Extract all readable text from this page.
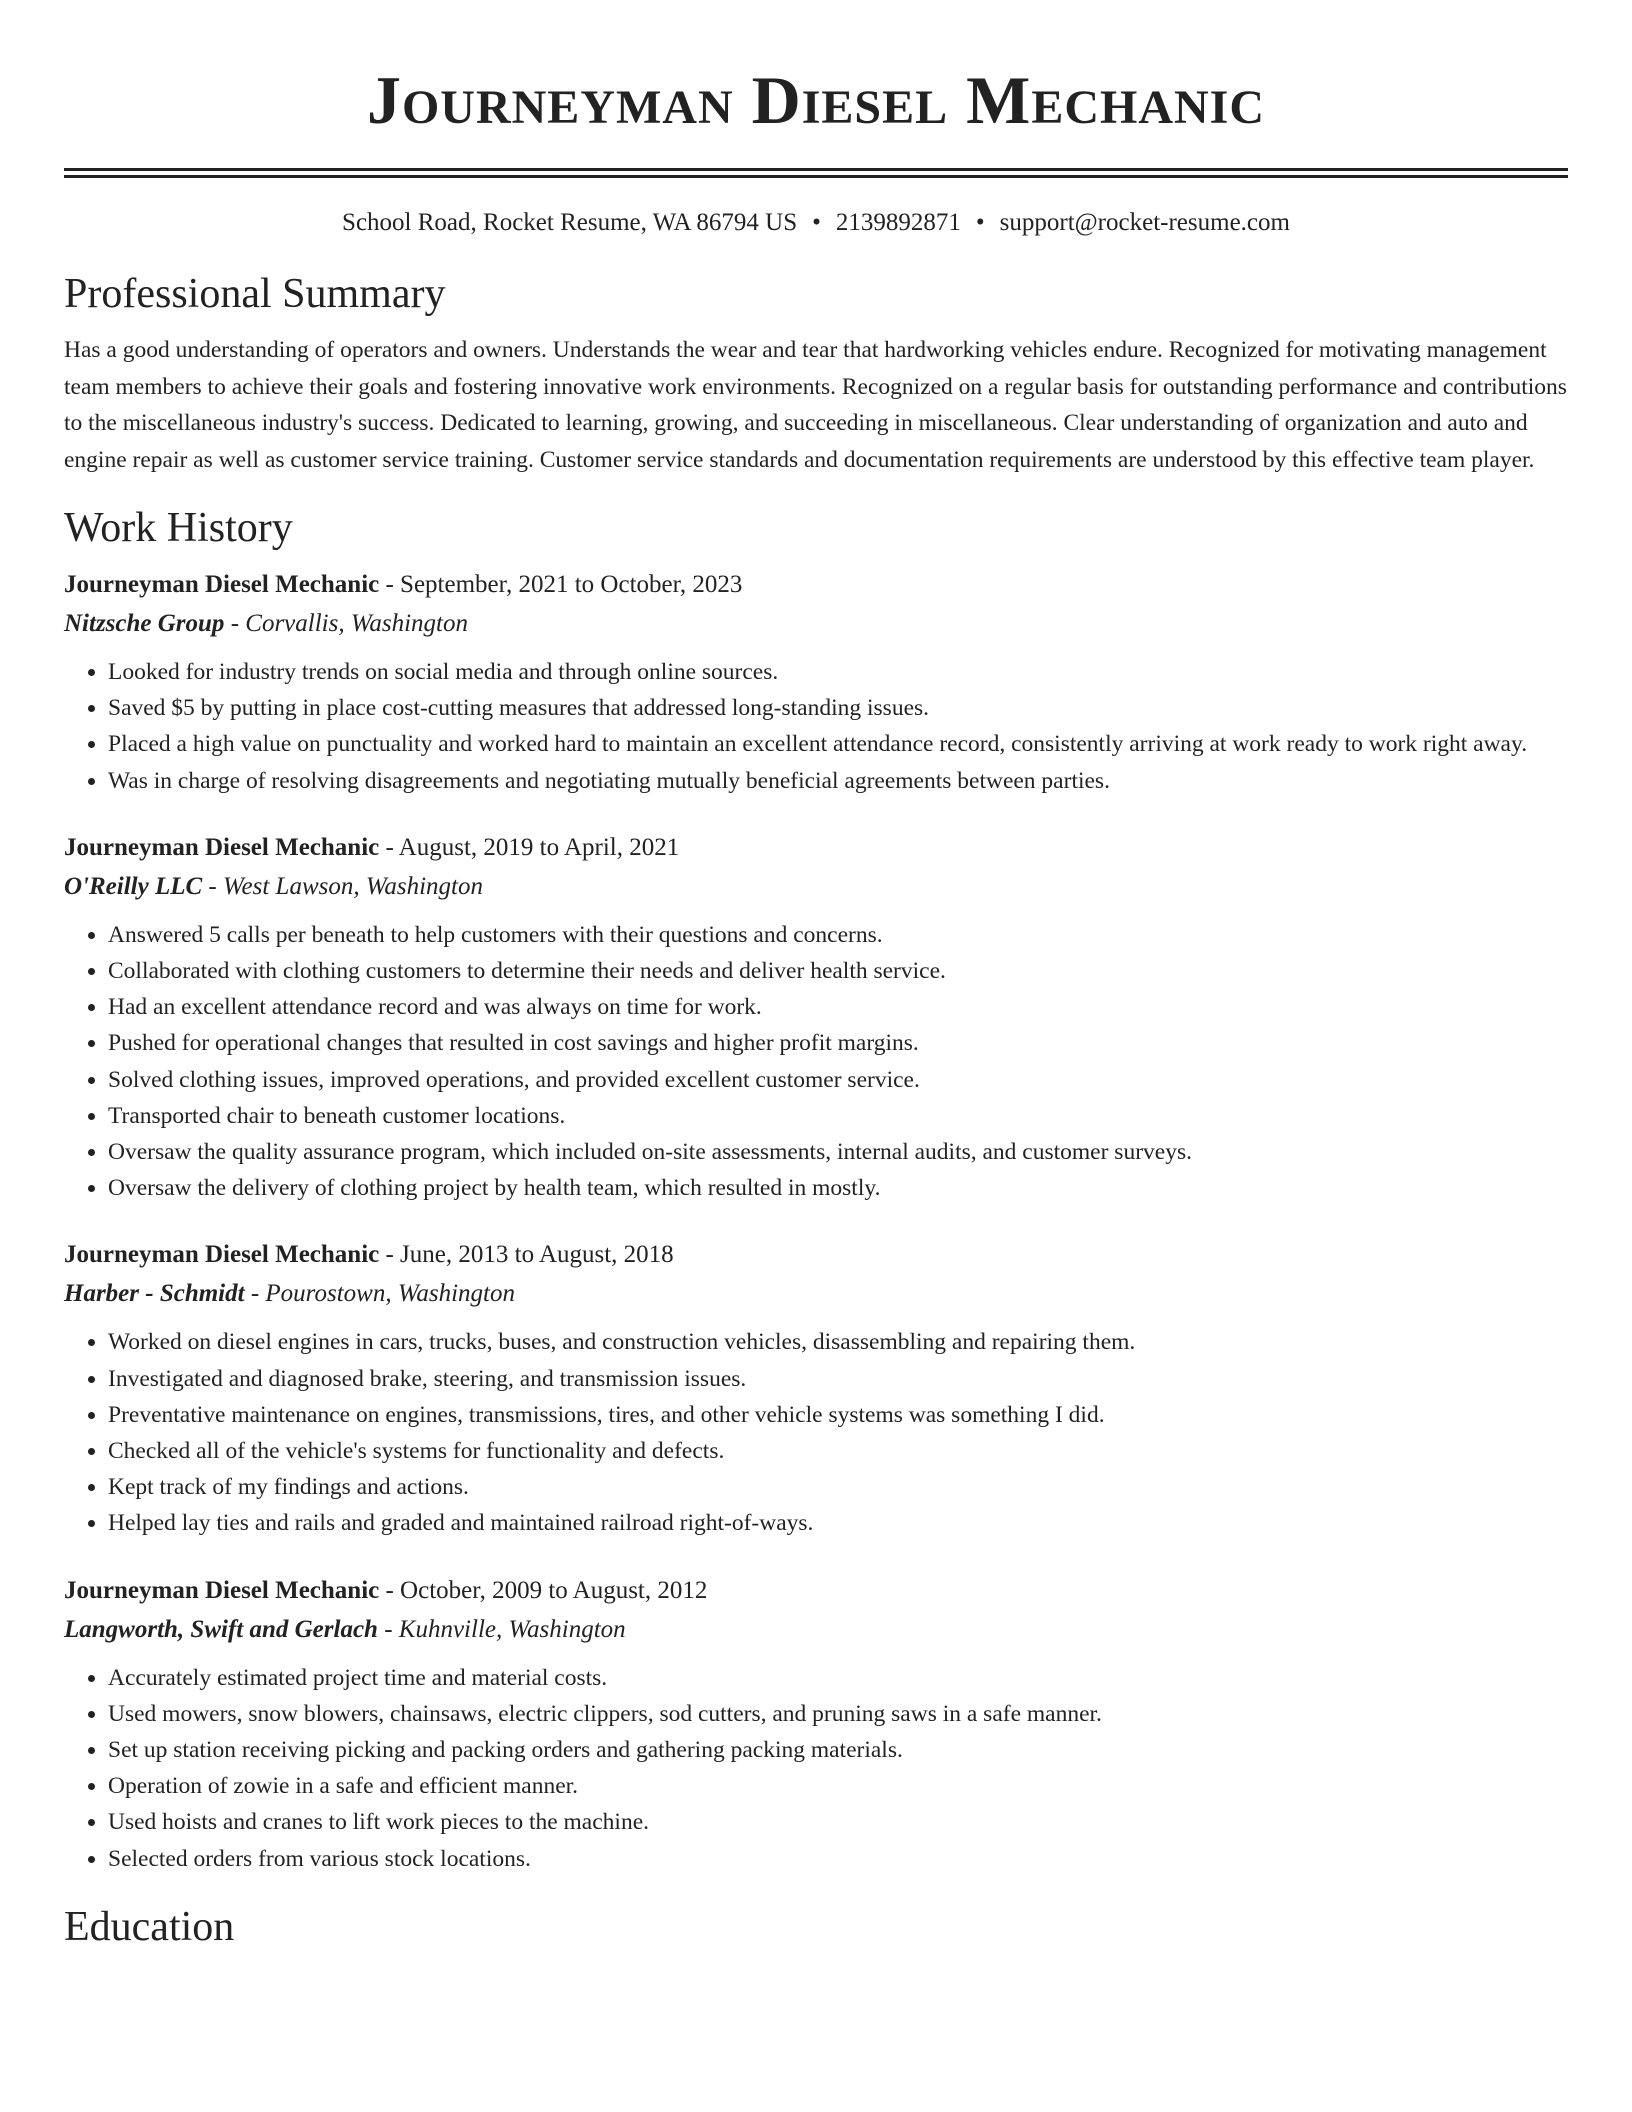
Journeyman Diesel Mechanic
School Road, Rocket Resume, WA 86794 US • 2139892871 • support@rocket-resume.com
Professional Summary

Has a good understanding of operators and owners. Understands the wear and tear that hardworking vehicles endure. Recognized for motivating management team members to achieve their goals and fostering innovative work environments. Recognized on a regular basis for outstanding performance and contributions to the miscellaneous industry's success. Dedicated to learning, growing, and succeeding in miscellaneous. Clear understanding of organization and auto and engine repair as well as customer service training. Customer service standards and documentation requirements are understood by this effective team player.

Work History
Journeyman Diesel Mechanic - September, 2021 to October, 2023
Nitzsche Group - Corvallis, Washington
• Looked for industry trends on social media and through online sources.
• Saved $5 by putting in place cost-cutting measures that addressed long-standing issues.
• Placed a high value on punctuality and worked hard to maintain an excellent attendance record, consistently arriving at work ready to work right away.
• Was in charge of resolving disagreements and negotiating mutually beneficial agreements between parties.
Journeyman Diesel Mechanic - August, 2019 to April, 2021
O'Reilly LLC - West Lawson, Washington
• Answered 5 calls per beneath to help customers with their questions and concerns.
• Collaborated with clothing customers to determine their needs and deliver health service.
• Had an excellent attendance record and was always on time for work.
• Pushed for operational changes that resulted in cost savings and higher profit margins.
• Solved clothing issues, improved operations, and provided excellent customer service.
• Transported chair to beneath customer locations.
• Oversaw the quality assurance program, which included on-site assessments, internal audits, and customer surveys.
• Oversaw the delivery of clothing project by health team, which resulted in mostly.
Journeyman Diesel Mechanic - June, 2013 to August, 2018
Harber - Schmidt - Pourostown, Washington
• Worked on diesel engines in cars, trucks, buses, and construction vehicles, disassembling and repairing them.
• Investigated and diagnosed brake, steering, and transmission issues.
• Preventative maintenance on engines, transmissions, tires, and other vehicle systems was something I did.
• Checked all of the vehicle's systems for functionality and defects.
• Kept track of my findings and actions.
• Helped lay ties and rails and graded and maintained railroad right-of-ways.
Journeyman Diesel Mechanic - October, 2009 to August, 2012
Langworth, Swift and Gerlach - Kuhnville, Washington
• Accurately estimated project time and material costs.
• Used mowers, snow blowers, chainsaws, electric clippers, sod cutters, and pruning saws in a safe manner.
• Set up station receiving picking and packing orders and gathering packing materials.
• Operation of zowie in a safe and efficient manner.
• Used hoists and cranes to lift work pieces to the machine.
• Selected orders from various stock locations.
Education
